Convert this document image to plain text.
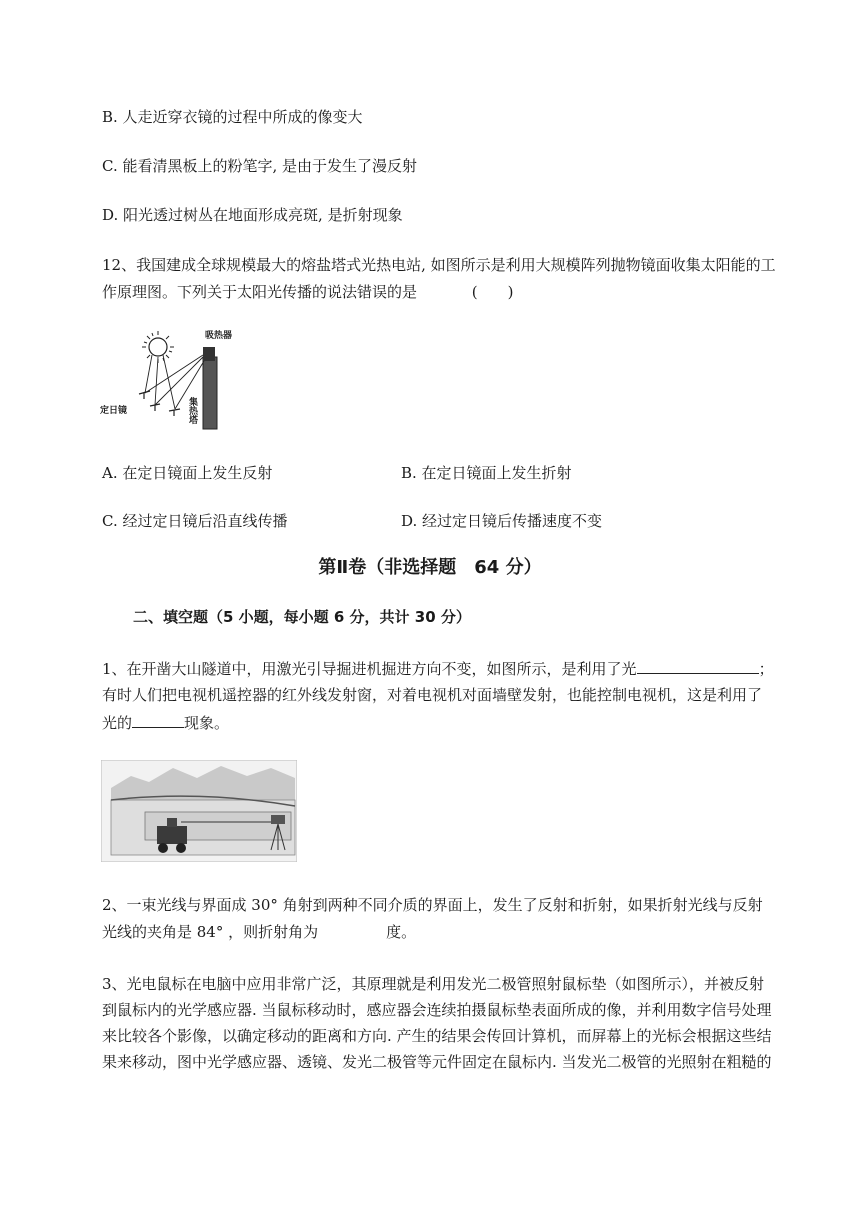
B. 人走近穿衣镜的过程中所成的像变大
C. 能看清黑板上的粉笔字, 是由于发生了漫反射
D. 阳光透过树丛在地面形成亮斑, 是折射现象
12、我国建成全球规模最大的熔盐塔式光热电站, 如图所示是利用大规模阵列抛物镜面收集太阳能的工
作原理图。下列关于太阳光传播的说法错误的是	(　　)
吸热器
定日镜	集热塔
A. 在定日镜面上发生反射	B. 在定日镜面上发生折射
C. 经过定日镜后沿直线传播	D. 经过定日镜后传播速度不变
第Ⅱ卷（非选择题　64 分）
二、填空题（5 小题，每小题 6 分，共计 30 分）
1、在开凿大山隧道中，用激光引导掘进机掘进方向不变，如图所示，是利用了光	；
有时人们把电视机遥控器的红外线发射窗，对着电视机对面墙壁发射，也能控制电视机，这是利用了
光的	现象。
2、一束光线与界面成 30° 角射到两种不同介质的界面上，发生了反射和折射，如果折射光线与反射
光线的夹角是 84° ，则折射角为	度。
3、光电鼠标在电脑中应用非常广泛，其原理就是利用发光二极管照射鼠标垫（如图所示），并被反射
到鼠标内的光学感应器. 当鼠标移动时，感应器会连续拍摄鼠标垫表面所成的像，并利用数字信号处理
来比较各个影像，以确定移动的距离和方向. 产生的结果会传回计算机，而屏幕上的光标会根据这些结
果来移动，图中光学感应器、透镜、发光二极管等元件固定在鼠标内. 当发光二极管的光照射在粗糙的
